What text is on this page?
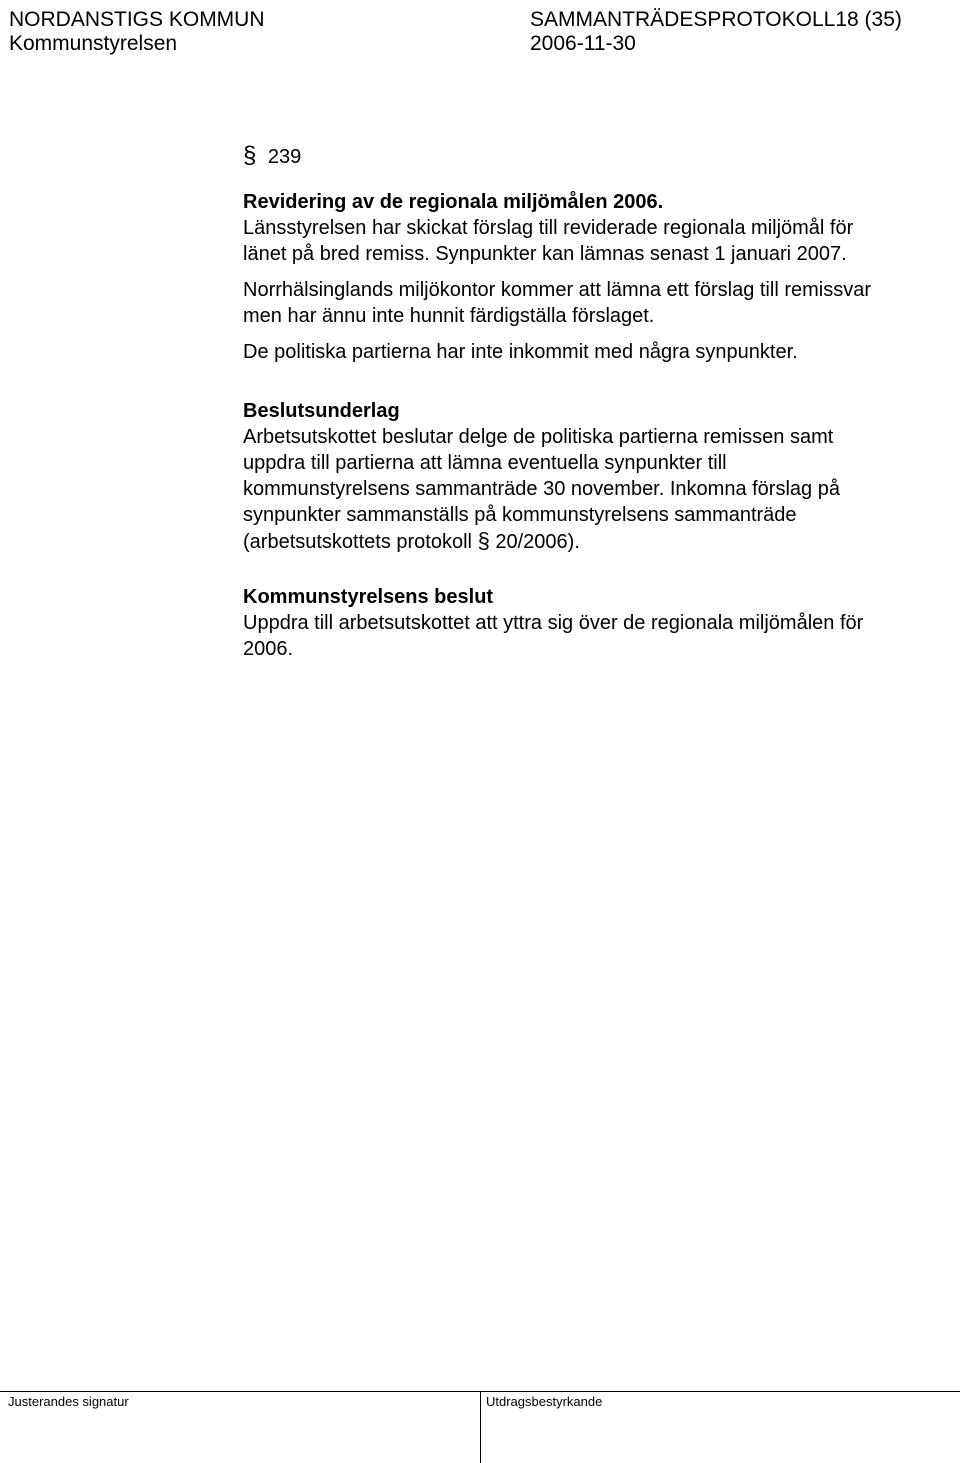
NORDANSTIGS KOMMUN	SAMMANTRÄDESPROTOKOLL18 (35)
Kommunstyrelsen	2006-11-30
§ 239
Revidering av de regionala miljömålen 2006.
Länsstyrelsen har skickat förslag till reviderade regionala miljömål för
länet på bred remiss. Synpunkter kan lämnas senast 1 januari 2007.
Norrhälsinglands miljökontor kommer att lämna ett förslag till remissvar
men har ännu inte hunnit färdigställa förslaget.
De politiska partierna har inte inkommit med några synpunkter.
Beslutsunderlag
Arbetsutskottet beslutar delge de politiska partierna remissen samt
uppdra till partierna att lämna eventuella synpunkter till
kommunstyrelsens sammanträde 30 november. Inkomna förslag på
synpunkter sammanställs på kommunstyrelsens sammanträde
(arbetsutskottets protokoll § 20/2006).
Kommunstyrelsens beslut
Uppdra till arbetsutskottet att yttra sig över de regionala miljömålen för
2006.
Justerandes signatur	Utdragsbestyrkande
